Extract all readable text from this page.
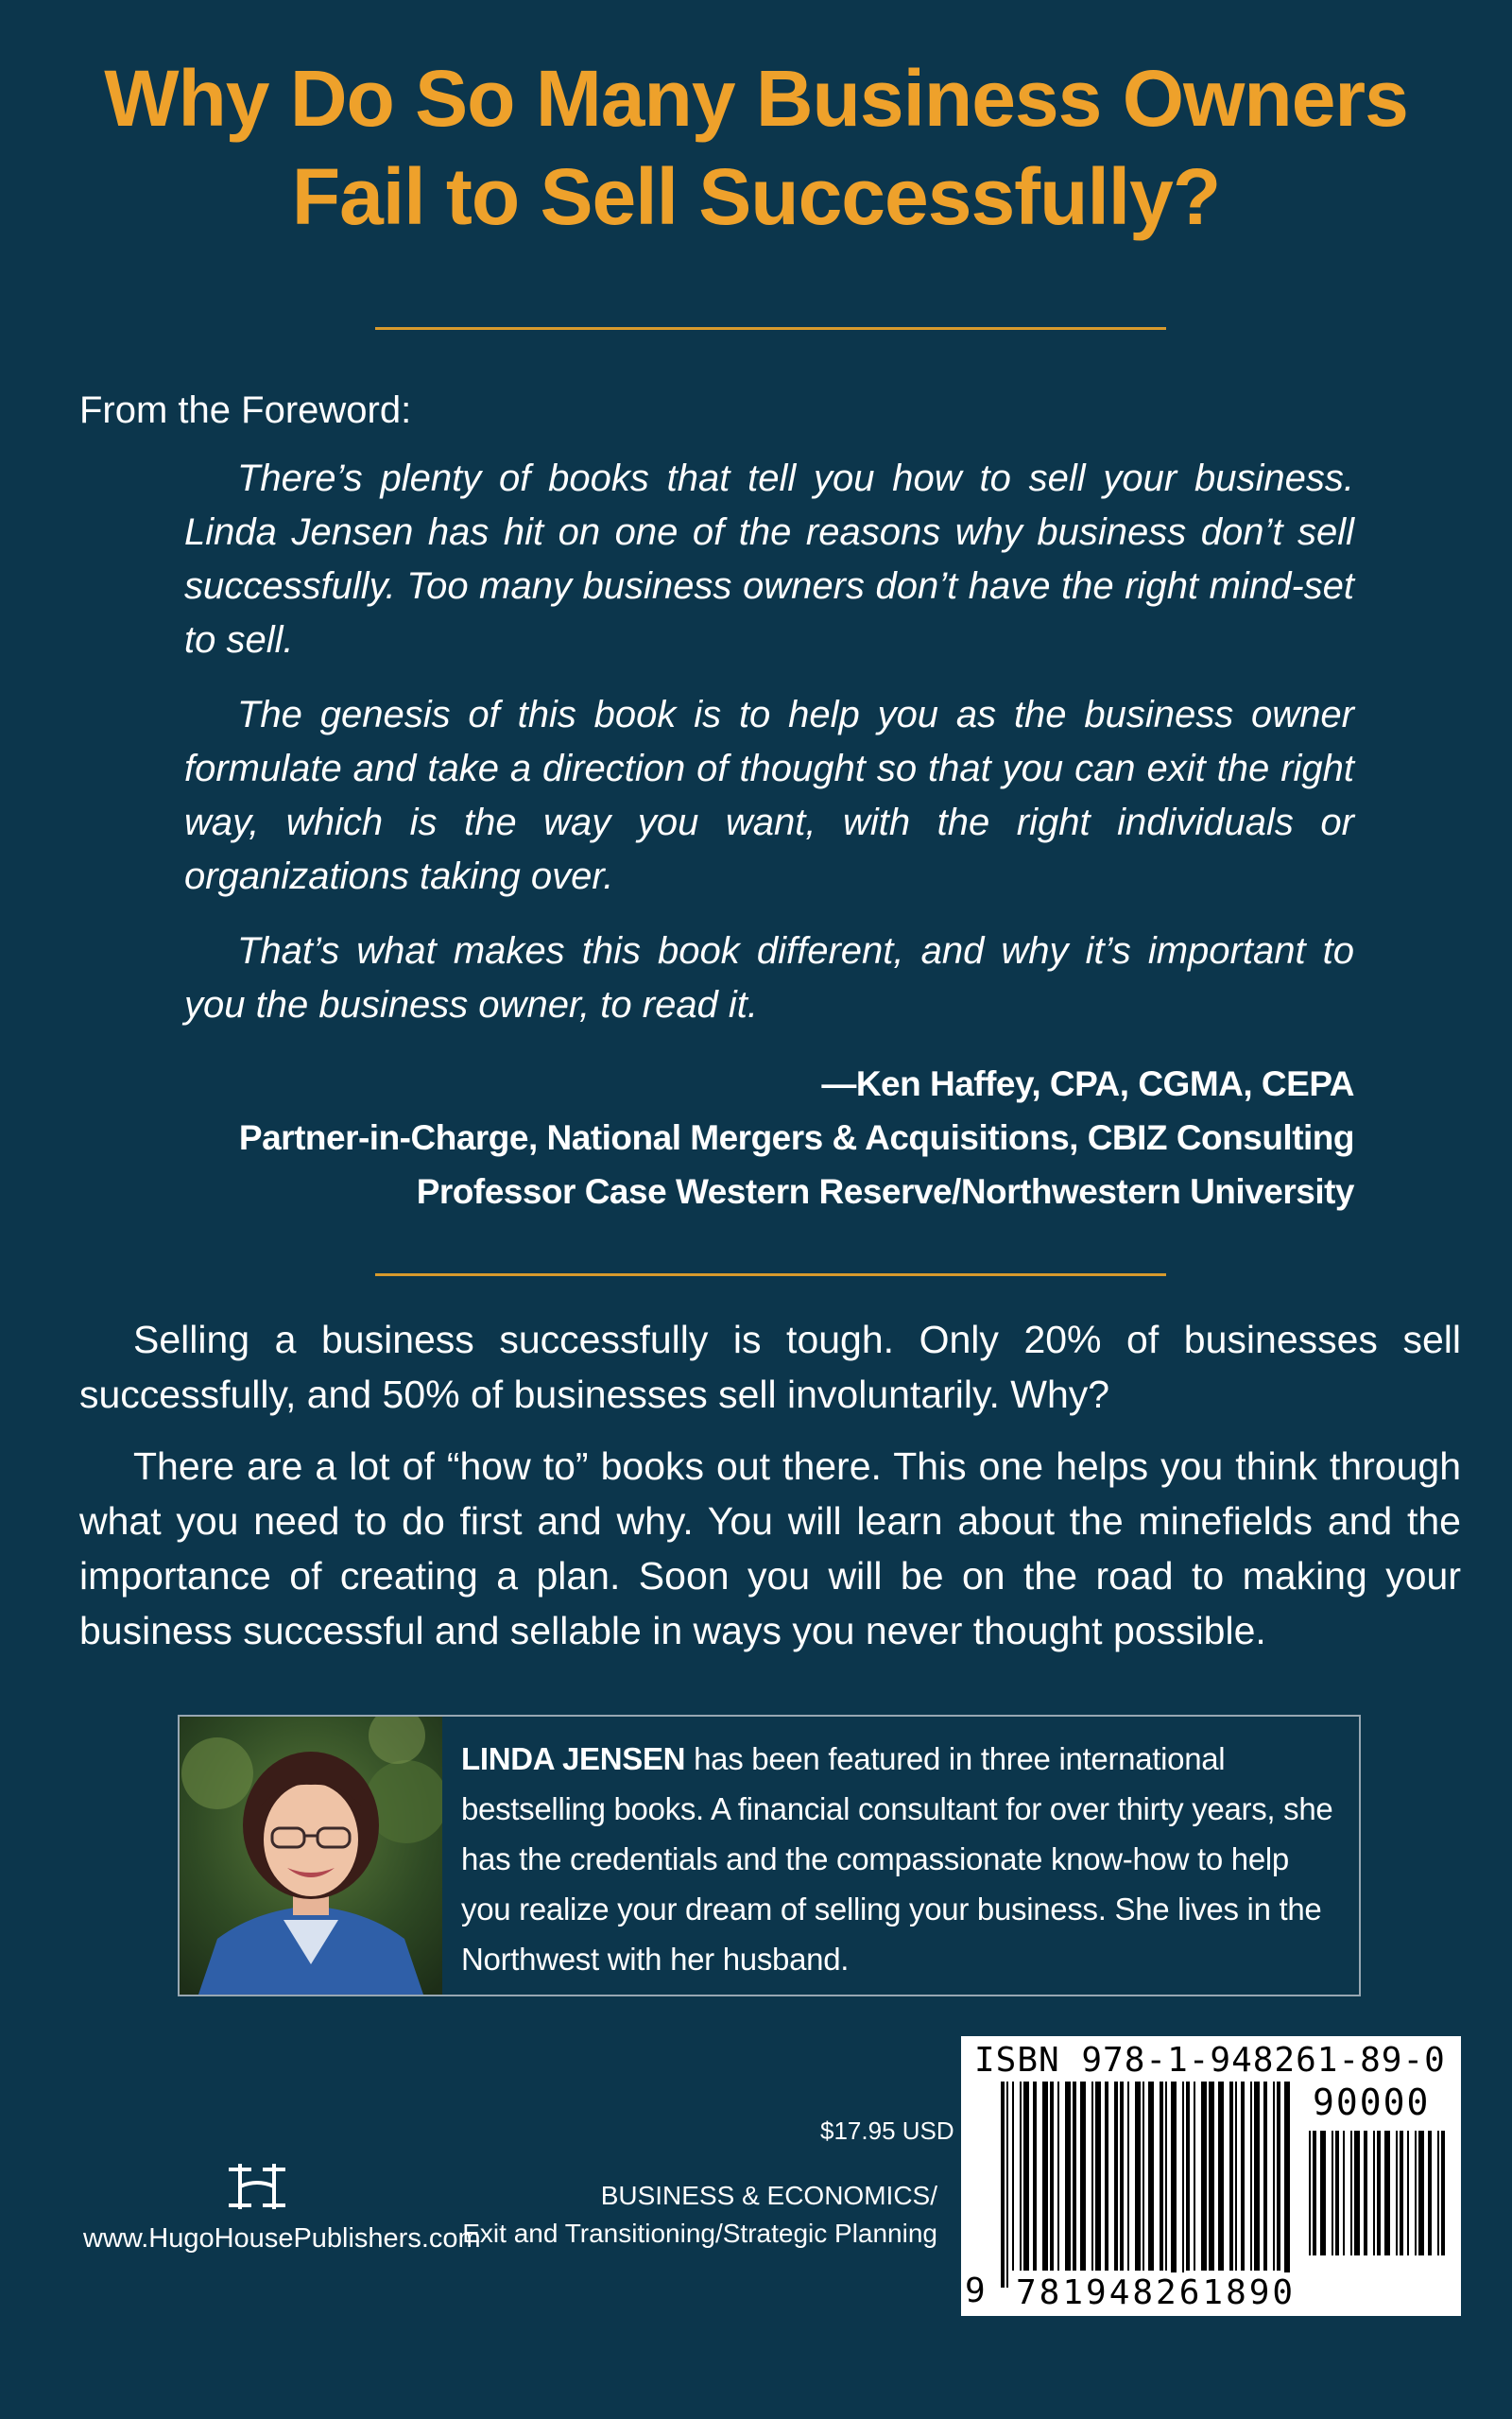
Why Do So Many Business Owners
Fail to Sell Successfully?

From the Foreword:

There’s plenty of books that tell you how to sell your business. Linda Jensen has hit on one of the reasons why business don’t sell successfully. Too many business owners don’t have the right mind-set to sell.

The genesis of this book is to help you as the business owner formulate and take a direction of thought so that you can exit the right way, which is the way you want, with the right individuals or organizations taking over.

That’s what makes this book different, and why it’s important to you the business owner, to read it.

—Ken Haffey, CPA, CGMA, CEPA
Partner-in-Charge, National Mergers & Acquisitions, CBIZ Consulting
Professor Case Western Reserve/Northwestern University

Selling a business successfully is tough. Only 20% of businesses sell successfully, and 50% of businesses sell involuntarily. Why?

There are a lot of “how to” books out there. This one helps you think through what you need to do first and why. You will learn about the minefields and the importance of creating a plan. Soon you will be on the road to making your business successful and sellable in ways you never thought possible.

LINDA JENSEN has been featured in three international bestselling books. A financial consultant for over thirty years, she has the credentials and the compassionate know-how to help you realize your dream of selling your business. She lives in the Northwest with her husband.

www.HugoHousePublishers.com
$17.95 USD
BUSINESS & ECONOMICS/
Exit and Transitioning/Strategic Planning
ISBN 978-1-948261-89-0
90000
9 781948261890
